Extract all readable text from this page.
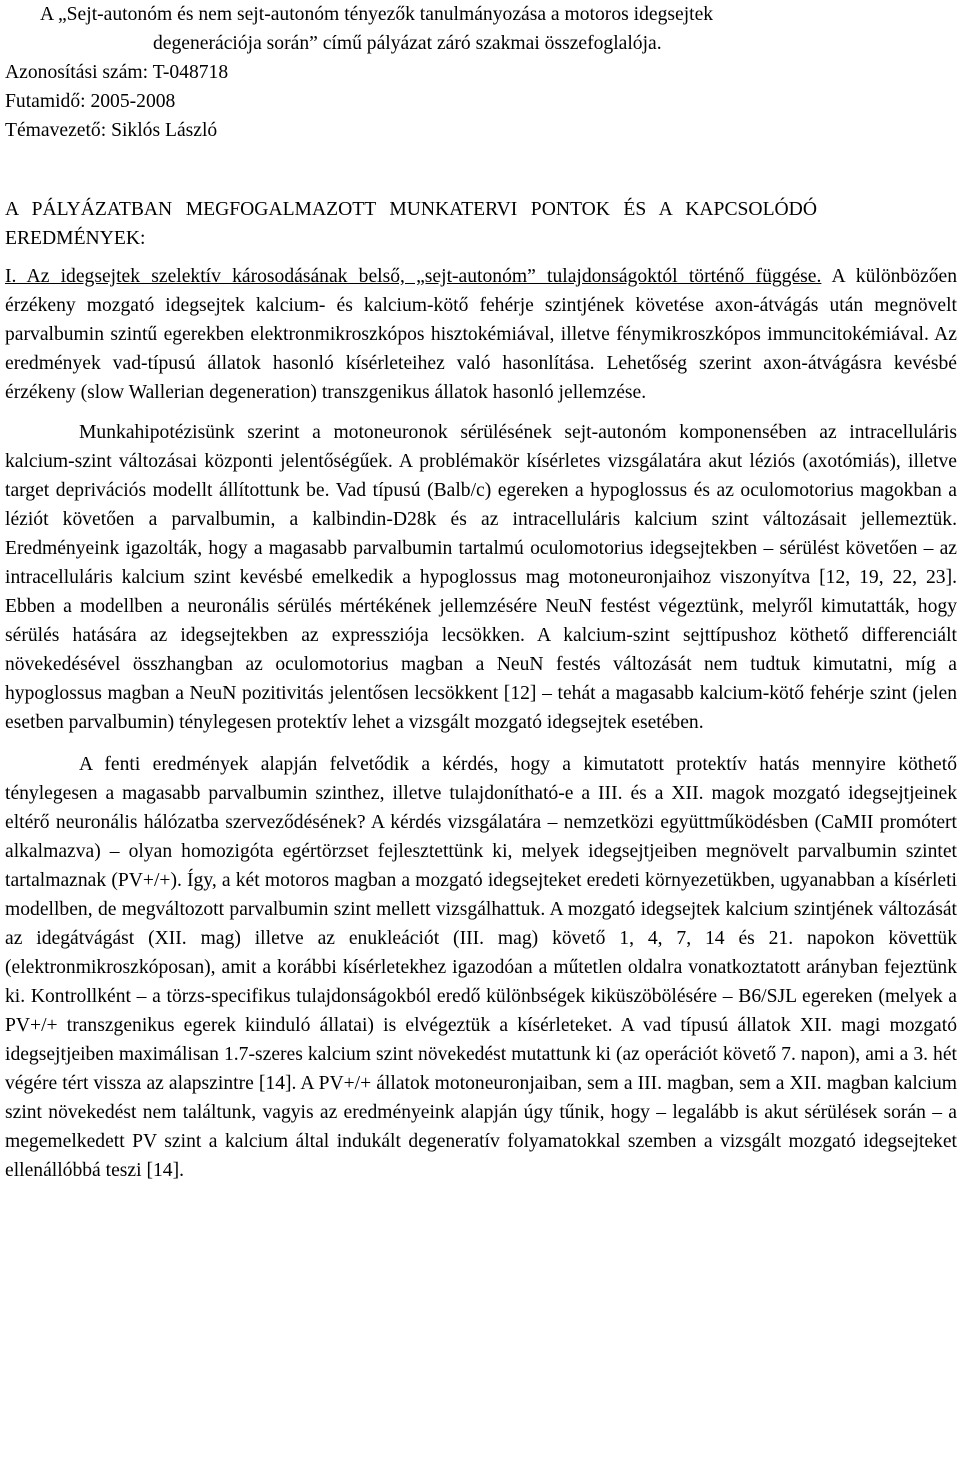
A „Sejt-autonóm és nem sejt-autonóm tényezők tanulmányozása a motoros idegsejtek
degenerációja során” című pályázat záró szakmai összefoglalója.
Azonosítási szám: T-048718
Futamidő: 2005-2008
Témavezető: Siklós László

A PÁLYÁZATBAN MEGFOGALMAZOTT MUNKATERVI PONTOK ÉS A KAPCSOLÓDÓ EREDMÉNYEK:

I. Az idegsejtek szelektív károsodásának belső, „sejt-autonóm” tulajdonságoktól történő függése. A különbözően érzékeny mozgató idegsejtek kalcium- és kalcium-kötő fehérje szintjének követése axon-átvágás után megnövelt parvalbumin szintű egerekben elektronmikroszkópos hisztokémiával, illetve fénymikroszkópos immuncitokémiával. Az eredmények vad-típusú állatok hasonló kísérleteihez való hasonlítása. Lehetőség szerint axon-átvágásra kevésbé érzékeny (slow Wallerian degeneration) transzgenikus állatok hasonló jellemzése.

Munkahipotézisünk szerint a motoneuronok sérülésének sejt-autonóm komponensében az intracelluláris kalcium-szint változásai központi jelentőségűek. A problémakör kísérletes vizsgálatára akut léziós (axotómiás), illetve target deprivációs modellt állítottunk be. Vad típusú (Balb/c) egereken a hypoglossus és az oculomotorius magokban a léziót követően a parvalbumin, a kalbindin-D28k és az intracelluláris kalcium szint változásait jellemeztük. Eredményeink igazolták, hogy a magasabb parvalbumin tartalmú oculomotorius idegsejtekben – sérülést követően – az intracelluláris kalcium szint kevésbé emelkedik a hypoglossus mag motoneuronjaihoz viszonyítva [12, 19, 22, 23]. Ebben a modellben a neuronális sérülés mértékének jellemzésére NeuN festést végeztünk, melyről kimutatták, hogy sérülés hatására az idegsejtekben az expressziója lecsökken. A kalcium-szint sejttípushoz köthető differenciált növekedésével összhangban az oculomotorius magban a NeuN festés változását nem tudtuk kimutatni, míg a hypoglossus magban a NeuN pozitivitás jelentősen lecsökkent [12] – tehát a magasabb kalcium-kötő fehérje szint (jelen esetben parvalbumin) ténylegesen protektív lehet a vizsgált mozgató idegsejtek esetében.

A fenti eredmények alapján felvetődik a kérdés, hogy a kimutatott protektív hatás mennyire köthető ténylegesen a magasabb parvalbumin szinthez, illetve tulajdonítható-e a III. és a XII. magok mozgató idegsejtjeinek eltérő neuronális hálózatba szerveződésének? A kérdés vizsgálatára – nemzetközi együttműködésben (CaMII promótert alkalmazva) – olyan homozigóta egértörzset fejlesztettünk ki, melyek idegsejtjeiben megnövelt parvalbumin szintet tartalmaznak (PV+/+). Így, a két motoros magban a mozgató idegsejteket eredeti környezetükben, ugyanabban a kísérleti modellben, de megváltozott parvalbumin szint mellett vizsgálhattuk. A mozgató idegsejtek kalcium szintjének változását az idegátvágást (XII. mag) illetve az enukleációt (III. mag) követő 1, 4, 7, 14 és 21. napokon követtük (elektronmikroszkóposan), amit a korábbi kísérletekhez igazodóan a műtetlen oldalra vonatkoztatott arányban fejeztünk ki. Kontrollként – a törzs-specifikus tulajdonságokból eredő különbségek kiküszöbölésére – B6/SJL egereken (melyek a PV+/+ transzgenikus egerek kiinduló állatai) is elvégeztük a kísérleteket. A vad típusú állatok XII. magi mozgató idegsejtjeiben maximálisan 1.7-szeres kalcium szint növekedést mutattunk ki (az operációt követő 7. napon), ami a 3. hét végére tért vissza az alapszintre [14]. A PV+/+ állatok motoneuronjaiban, sem a III. magban, sem a XII. magban kalcium szint növekedést nem találtunk, vagyis az eredményeink alapján úgy tűnik, hogy – legalább is akut sérülések során – a megemelkedett PV szint a kalcium által indukált degeneratív folyamatokkal szemben a vizsgált mozgató idegsejteket ellenállóbbá teszi [14].
